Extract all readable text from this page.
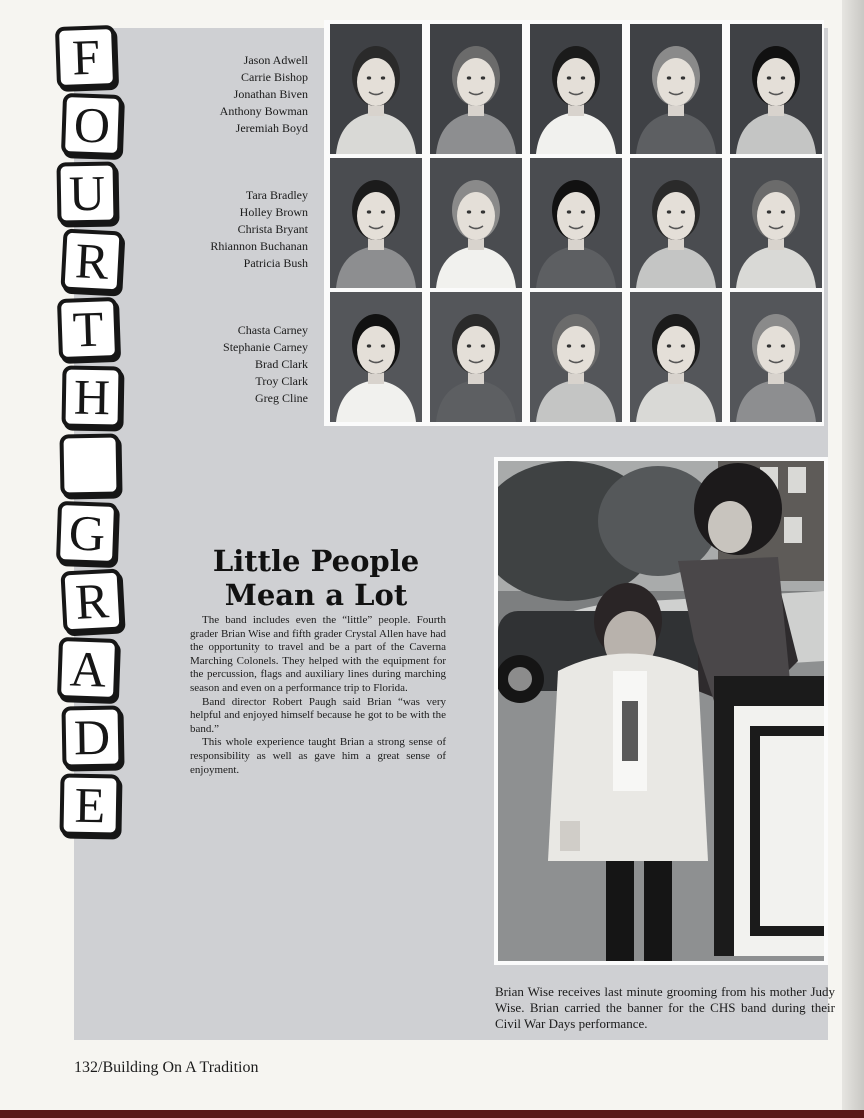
F
O
U
R
T
H
G
R
A
D
E
Jason Adwell
Carrie Bishop
Jonathan Biven
Anthony Bowman
Jeremiah Boyd
Tara Bradley
Holley Brown
Christa Bryant
Rhiannon Buchanan
Patricia Bush
Chasta Carney
Stephanie Carney
Brad Clark
Troy Clark
Greg Cline
Little People
Mean a Lot

The band includes even the “little” people. Fourth grader Brian Wise and fifth grader Crystal Allen have had the opportunity to travel and be a part of the Caverna Marching Colonels. They helped with the equipment for the percussion, flags and auxiliary lines during marching season and even on a performance trip to Florida.

Band director Robert Paugh said Brian “was very helpful and enjoyed himself because he got to be with the band.”

This whole experience taught Brian a strong sense of responsibility as well as gave him a great sense of enjoyment.

Brian Wise receives last minute grooming from his mother Judy Wise. Brian carried the banner for the CHS band during their Civil War Days performance.
132/Building On A Tradition
